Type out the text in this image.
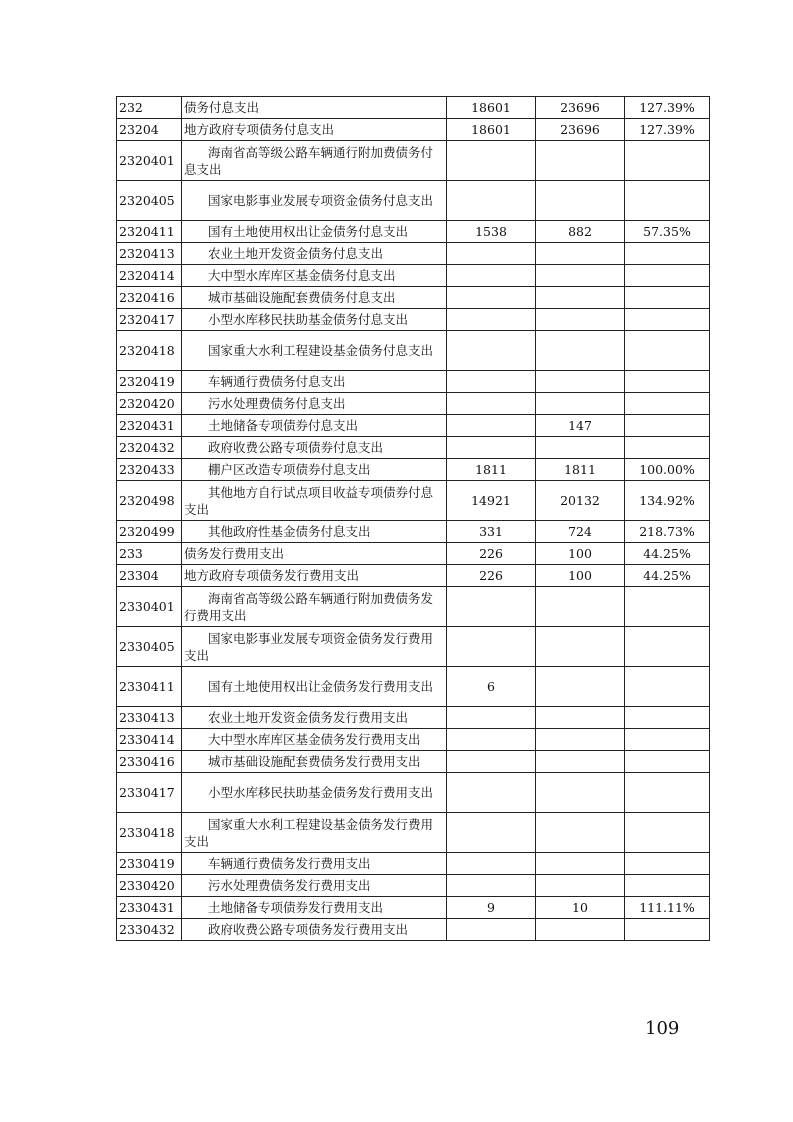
232	债务付息支出	18601	23696	127.39%
23204	地方政府专项债务付息支出	18601	23696	127.39%
2320401	海南省高等级公路车辆通行附加费债务付息支出			
2320405	国家电影事业发展专项资金债务付息支出			
2320411	国有土地使用权出让金债务付息支出	1538	882	57.35%
2320413	农业土地开发资金债务付息支出			
2320414	大中型水库库区基金债务付息支出			
2320416	城市基础设施配套费债务付息支出			
2320417	小型水库移民扶助基金债务付息支出			
2320418	国家重大水利工程建设基金债务付息支出			
2320419	车辆通行费债务付息支出			
2320420	污水处理费债务付息支出			
2320431	土地储备专项债券付息支出		147	
2320432	政府收费公路专项债券付息支出			
2320433	棚户区改造专项债券付息支出	1811	1811	100.00%
2320498	其他地方自行试点项目收益专项债券付息支出	14921	20132	134.92%
2320499	其他政府性基金债务付息支出	331	724	218.73%
233	债务发行费用支出	226	100	44.25%
23304	地方政府专项债务发行费用支出	226	100	44.25%
2330401	海南省高等级公路车辆通行附加费债务发行费用支出			
2330405	国家电影事业发展专项资金债务发行费用支出			
2330411	国有土地使用权出让金债务发行费用支出	6		
2330413	农业土地开发资金债务发行费用支出			
2330414	大中型水库库区基金债务发行费用支出			
2330416	城市基础设施配套费债务发行费用支出			
2330417	小型水库移民扶助基金债务发行费用支出			
2330418	国家重大水利工程建设基金债务发行费用支出			
2330419	车辆通行费债务发行费用支出			
2330420	污水处理费债务发行费用支出			
2330431	土地储备专项债券发行费用支出	9	10	111.11%
2330432	政府收费公路专项债务发行费用支出			
109
